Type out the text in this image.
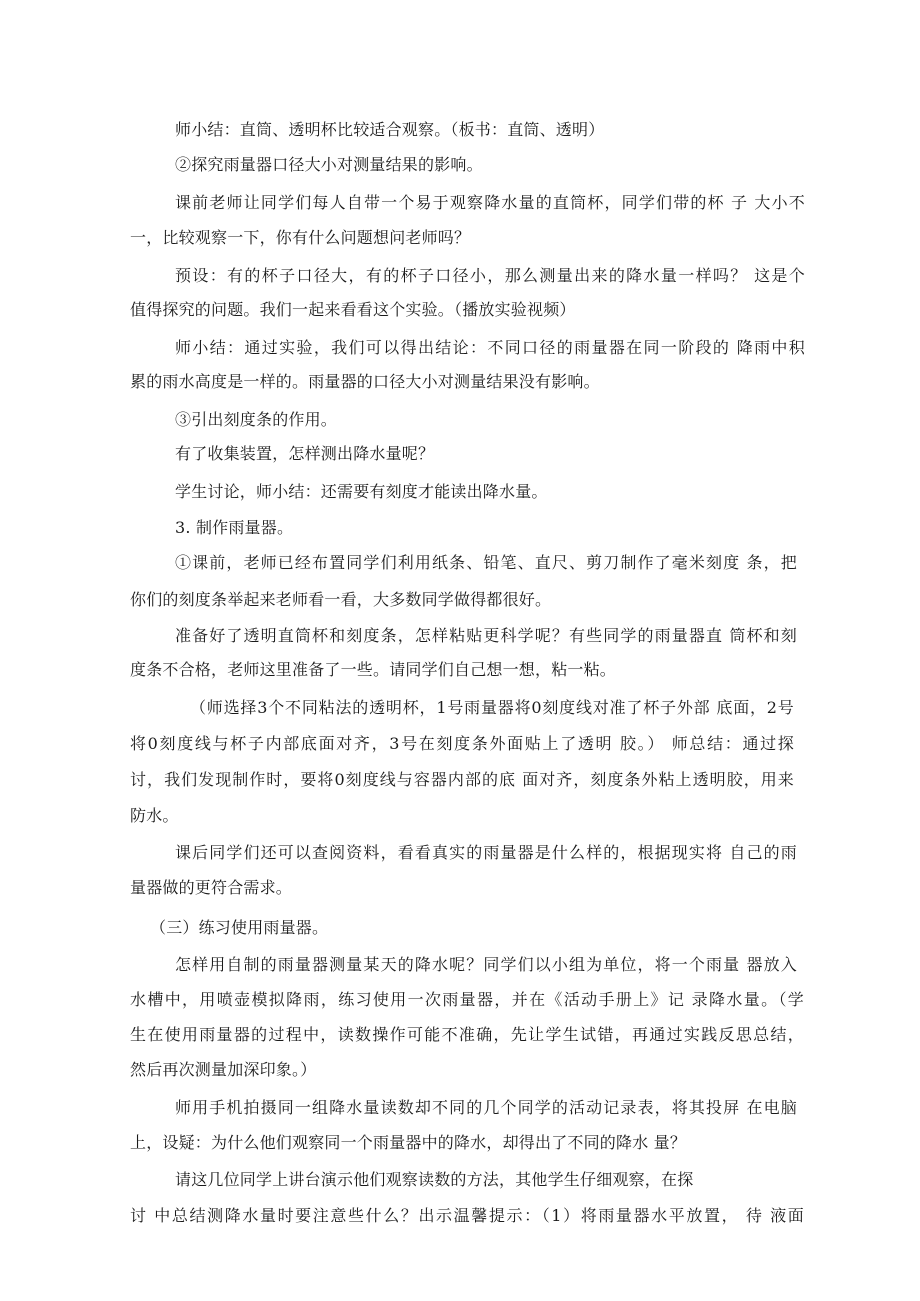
师小结：直筒、透明杯比较适合观察。（板书：直筒、透明）
②探究雨量器口径大小对测量结果的影响。
课前老师让同学们每人自带一个易于观察降水量的直筒杯，同学们带的杯 子 大小不
一，比较观察一下，你有什么问题想问老师吗？
预设：有的杯子口径大，有的杯子口径小，那么测量出来的降水量一样吗？ 这是个
值得探究的问题。我们一起来看看这个实验。（播放实验视频）
师小结：通过实验，我们可以得出结论：不同口径的雨量器在同一阶段的 降雨中积
累的雨水高度是一样的。雨量器的口径大小对测量结果没有影响。
③引出刻度条的作用。
有了收集装置，怎样测出降水量呢？
学生讨论，师小结：还需要有刻度才能读出降水量。
3. 制作雨量器。
①课前，老师已经布置同学们利用纸条、铅笔、直尺、剪刀制作了毫米刻度 条，把
你们的刻度条举起来老师看一看，大多数同学做得都很好。
准备好了透明直筒杯和刻度条，怎样粘贴更科学呢？有些同学的雨量器直 筒杯和刻
度条不合格，老师这里准备了一些。请同学们自己想一想，粘一粘。
（师选择3个不同粘法的透明杯，1号雨量器将0刻度线对准了杯子外部 底面，2号
将0刻度线与杯子内部底面对齐，3号在刻度条外面贴上了透明 胶。） 师总结：通过探
讨，我们发现制作时，要将0刻度线与容器内部的底 面对齐，刻度条外粘上透明胶，用来
防水。
课后同学们还可以查阅资料，看看真实的雨量器是什么样的，根据现实将 自己的雨
量器做的更符合需求。
（三）练习使用雨量器。
怎样用自制的雨量器测量某天的降水呢？同学们以小组为单位，将一个雨量 器放入
水槽中，用喷壶模拟降雨，练习使用一次雨量器，并在《活动手册上》记 录降水量。（学
生在使用雨量器的过程中，读数操作可能不准确，先让学生试错，再通过实践反思总结，
然后再次测量加深印象。）
师用手机拍摄同一组降水量读数却不同的几个同学的活动记录表，将其投屏 在电脑
上，设疑：为什么他们观察同一个雨量器中的降水，却得出了不同的降水 量？
请这几位同学上讲台演示他们观察读数的方法，其他学生仔细观察，在探
讨 中总结测降水量时要注意些什么？出示温馨提示：（1）将雨量器水平放置， 待 液面
